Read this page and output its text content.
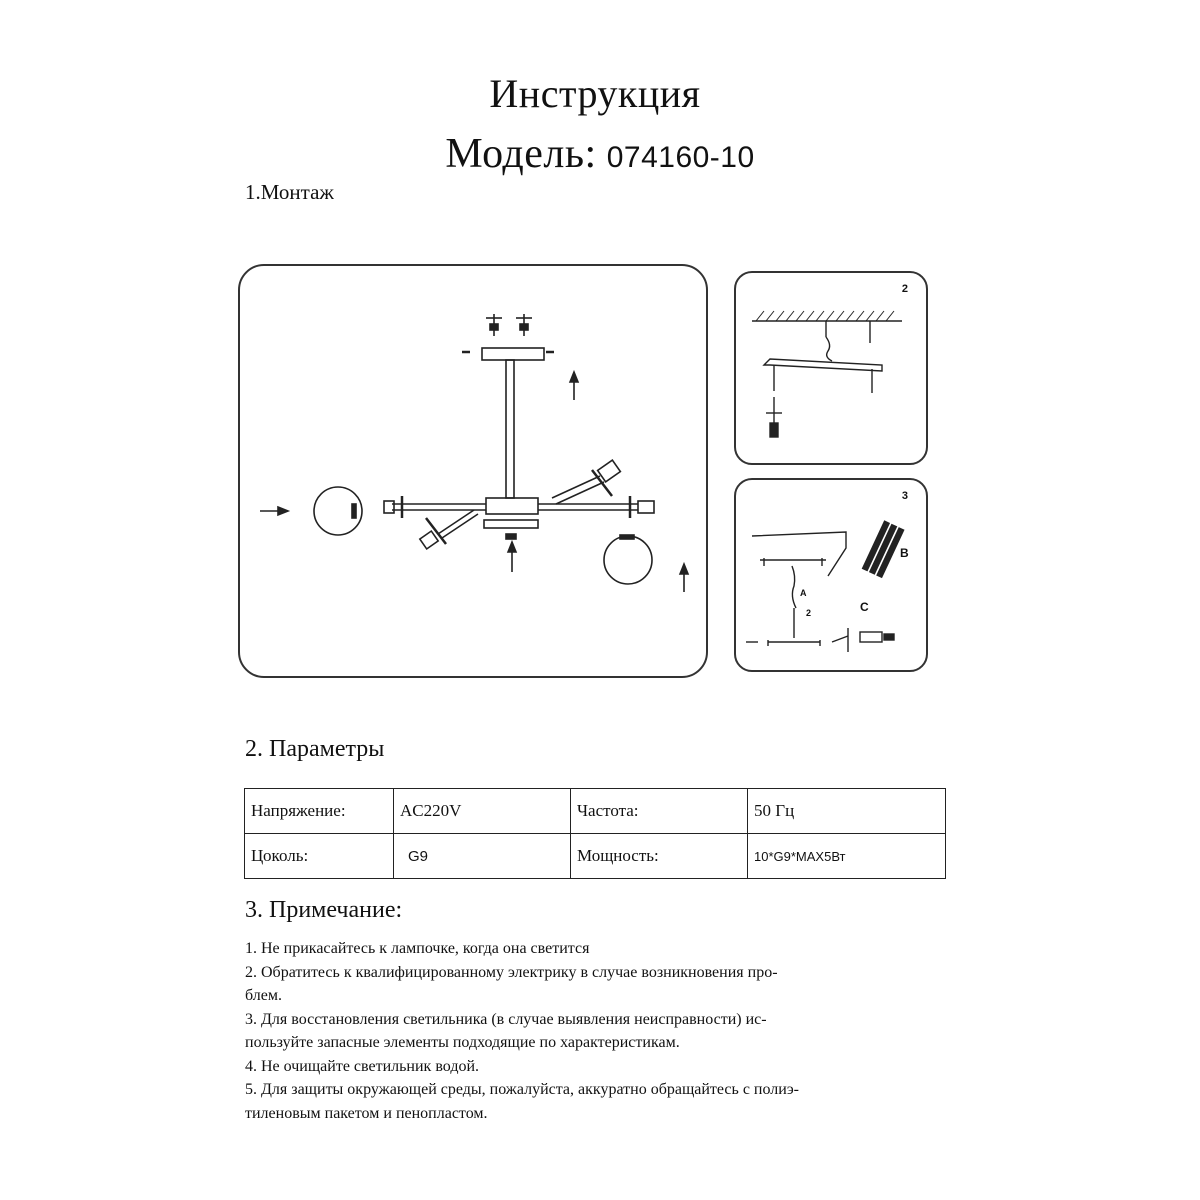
Инструкция
Модель: 074160-10
1.Монтаж
2
3
A
2
B
C
2. Параметры
Напряжение:	AC220V	Частота:	50 Гц
Цоколь:	G9	Мощность:	10*G9*MAX5Вт
3. Примечание:
1. Не прикасайтесь к лампочке, когда она светится
2. Обратитесь к квалифицированному электрику в случае возникновения про-
блем.
3. Для восстановления светильника (в случае выявления неисправности) ис-
пользуйте запасные элементы подходящие по характеристикам.
4. Не очищайте светильник водой.
5. Для защиты окружающей среды, пожалуйста, аккуратно обращайтесь с полиэ-
тиленовым пакетом и пенопластом.
